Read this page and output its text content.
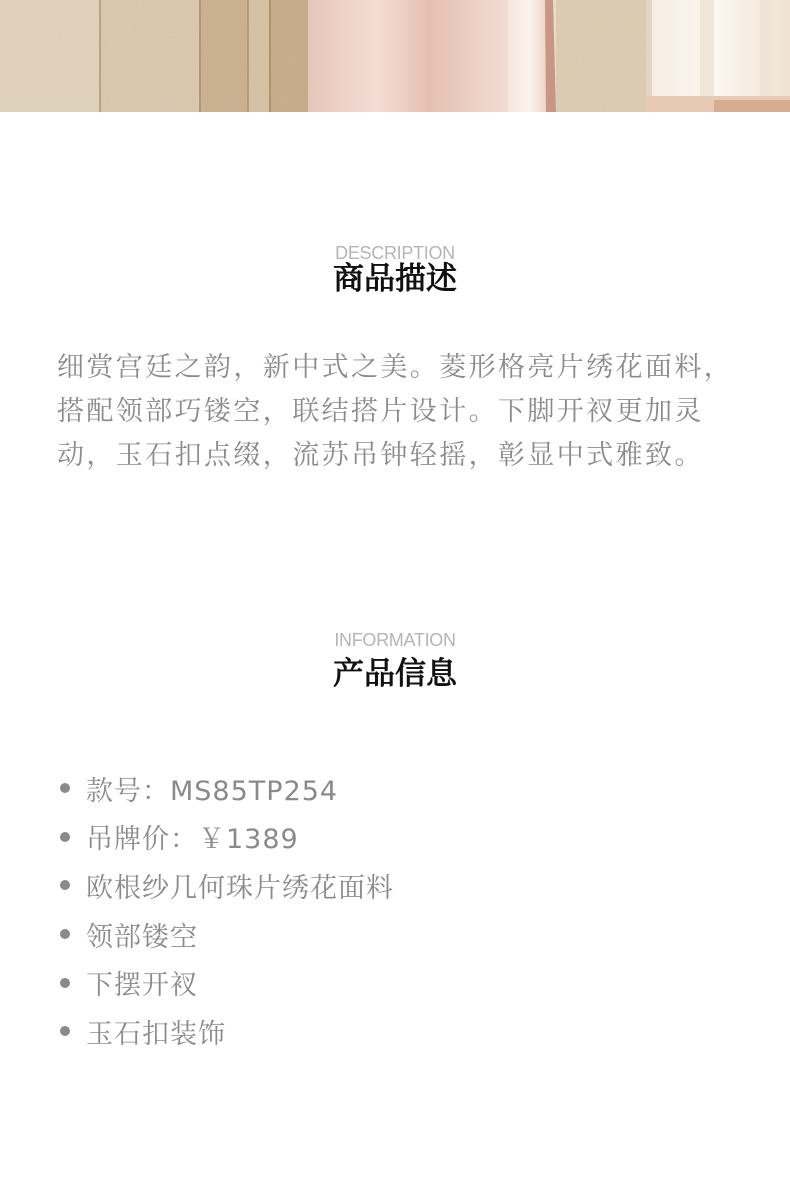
DESCRIPTION
商品描述

细赏宫廷之韵，新中式之美。菱形格亮片绣花面料，搭配领部巧镂空，联结搭片设计。下脚开衩更加灵动，玉石扣点缀，流苏吊钟轻摇，彰显中式雅致。

INFORMATION
产品信息
款号：MS85TP254
吊牌价：￥1389
欧根纱几何珠片绣花面料
领部镂空
下摆开衩
玉石扣装饰
